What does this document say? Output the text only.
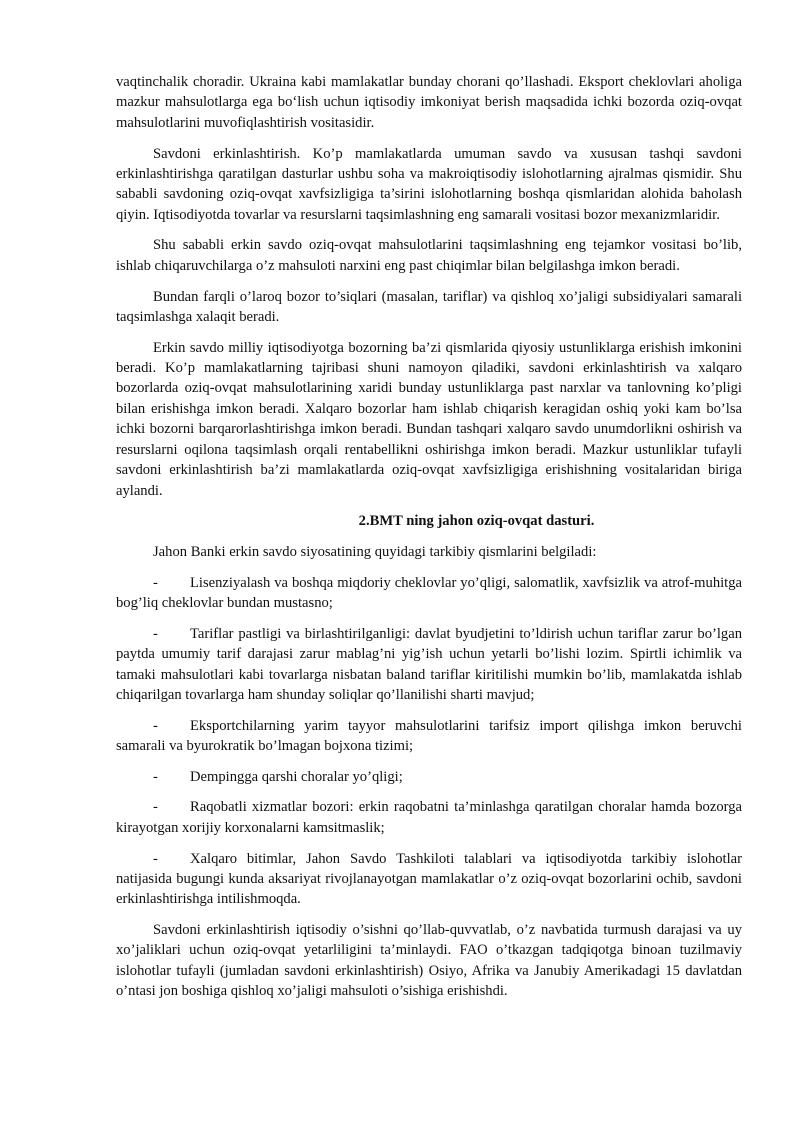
vaqtinchalik choradir. Ukraina kabi mamlakatlar bunday chorani qo’llashadi. Eksport cheklovlari aholiga mazkur mahsulotlarga ega bo‘lish uchun iqtisodiy imkoniyat berish maqsadida ichki bozorda oziq-ovqat mahsulotlarini muvofiqlashtirish vositasidir.

Savdoni erkinlashtirish. Ko’p mamlakatlarda umuman savdo va xususan tashqi savdoni erkinlashtirishga qaratilgan dasturlar ushbu soha va makroiqtisodiy islohotlarning ajralmas qismidir. Shu sababli savdoning oziq-ovqat xavfsizligiga ta’sirini islohotlarning boshqa qismlaridan alohida baholash qiyin. Iqtisodiyotda tovarlar va resurslarni taqsimlashning eng samarali vositasi bozor mexanizmlaridir.

Shu sababli erkin savdo oziq-ovqat mahsulotlarini taqsimlashning eng tejamkor vositasi bo’lib, ishlab chiqaruvchilarga o’z mahsuloti narxini eng past chiqimlar bilan belgilashga imkon beradi.

Bundan farqli o’laroq bozor to’siqlari (masalan, tariflar) va qishloq xo’jaligi subsidiyalari samarali taqsimlashga xalaqit beradi.

Erkin savdo milliy iqtisodiyotga bozorning ba’zi qismlarida qiyosiy ustunliklarga erishish imkonini beradi. Ko’p mamlakatlarning tajribasi shuni namoyon qiladiki, savdoni erkinlashtirish va xalqaro bozorlarda oziq-ovqat mahsulotlarining xaridi bunday ustunliklarga past narxlar va tanlovning ko’pligi bilan erishishga imkon beradi. Xalqaro bozorlar ham ishlab chiqarish keragidan oshiq yoki kam bo’lsa ichki bozorni barqarorlashtirishga imkon beradi. Bundan tashqari xalqaro savdo unumdorlikni oshirish va resurslarni oqilona taqsimlash orqali rentabellikni oshirishga imkon beradi. Mazkur ustunliklar tufayli savdoni erkinlashtirish ba’zi mamlakatlarda oziq-ovqat xavfsizligiga erishishning vositalaridan biriga aylandi.

2.BMT ning jahon oziq-ovqat dasturi.

Jahon Banki erkin savdo siyosatining quyidagi tarkibiy qismlarini belgiladi:

- Lisenziyalash va boshqa miqdoriy cheklovlar yo’qligi, salomatlik, xavfsizlik va atrof-muhitga bog’liq cheklovlar bundan mustasno;

- Tariflar pastligi va birlashtirilganligi: davlat byudjetini to’ldirish uchun tariflar zarur bo’lgan paytda umumiy tarif darajasi zarur mablag’ni yig’ish uchun yetarli bo’lishi lozim. Spirtli ichimlik va tamaki mahsulotlari kabi tovarlarga nisbatan baland tariflar kiritilishi mumkin bo’lib, mamlakatda ishlab chiqarilgan tovarlarga ham shunday soliqlar qo’llanilishi sharti mavjud;

- Eksportchilarning yarim tayyor mahsulotlarini tarifsiz import qilishga imkon beruvchi samarali va byurokratik bo’lmagan bojxona tizimi;

- Dempingga qarshi choralar yo’qligi;

- Raqobatli xizmatlar bozori: erkin raqobatni ta’minlashga qaratilgan choralar hamda bozorga kirayotgan xorijiy korxonalarni kamsitmaslik;

- Xalqaro bitimlar, Jahon Savdo Tashkiloti talablari va iqtisodiyotda tarkibiy islohotlar natijasida bugungi kunda aksariyat rivojlanayotgan mamlakatlar o’z oziq-ovqat bozorlarini ochib, savdoni erkinlashtirishga intilishmoqda.

Savdoni erkinlashtirish iqtisodiy o’sishni qo’llab-quvvatlab, o’z navbatida turmush darajasi va uy xo’jaliklari uchun oziq-ovqat yetarliligini ta’minlaydi. FAO o’tkazgan tadqiqotga binoan tuzilmaviy islohotlar tufayli (jumladan savdoni erkinlashtirish) Osiyo, Afrika va Janubiy Amerikadagi 15 davlatdan o’ntasi jon boshiga qishloq xo’jaligi mahsuloti o’sishiga erishishdi.
